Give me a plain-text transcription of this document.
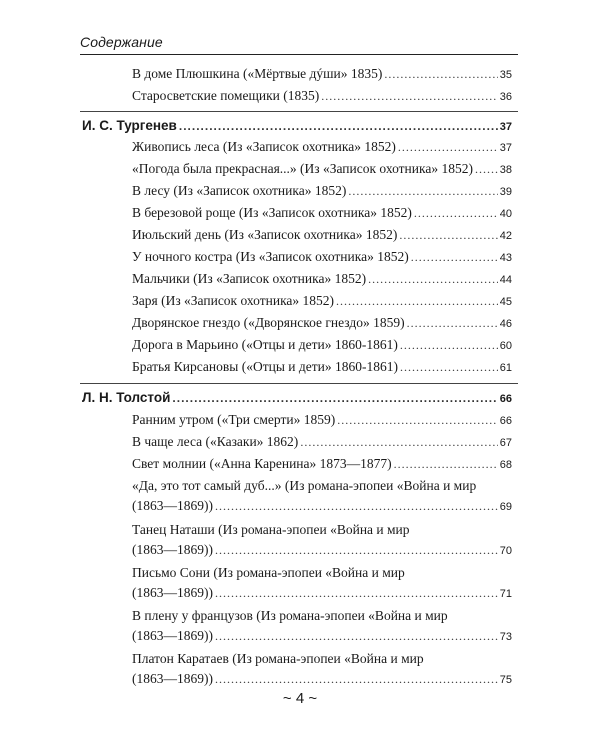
Содержание
В доме Плюшкина («Мёртвые дýши» 1835) .....	35
Старосветские помещики (1835) .....	36
И. С. Тургенев .....	37
Живопись леса (Из «Записок охотника» 1852) .....	37
«Погода была прекрасная...» (Из «Записок охотника» 1852) ..... 38
В лесу (Из «Записок охотника» 1852) .....	39
В березовой роще (Из «Записок охотника» 1852) .....	40
Июльский день (Из «Записок охотника» 1852) .....	42
У ночного костра (Из «Записок охотника» 1852) .....	43
Мальчики (Из «Записок охотника» 1852) .....	44
Заря (Из «Записок охотника» 1852) .....	45
Дворянское гнездо («Дворянское гнездо» 1859) .....	46
Дорога в Марьино («Отцы и дети» 1860-1861) .....	60
Братья Кирсановы («Отцы и дети» 1860-1861) .....	61
Л. Н. Толстой .....	66
Ранним утром («Три смерти» 1859) .....	66
В чаще леса («Казаки» 1862) .....	67
Свет молнии («Анна Каренина» 1873—1877) .....	68
«Да, это тот самый дуб...» (Из романа-эпопеи «Война и мир
(1863—1869)) .....	69
Танец Наташи (Из романа-эпопеи «Война и мир
(1863—1869)) .....	70
Письмо Сони (Из романа-эпопеи «Война и мир
(1863—1869)) .....	71
В плену у французов (Из романа-эпопеи «Война и мир
(1863—1869)) .....	73
Платон Каратаев (Из романа-эпопеи «Война и мир
(1863—1869)) .....	75
~ 4 ~
